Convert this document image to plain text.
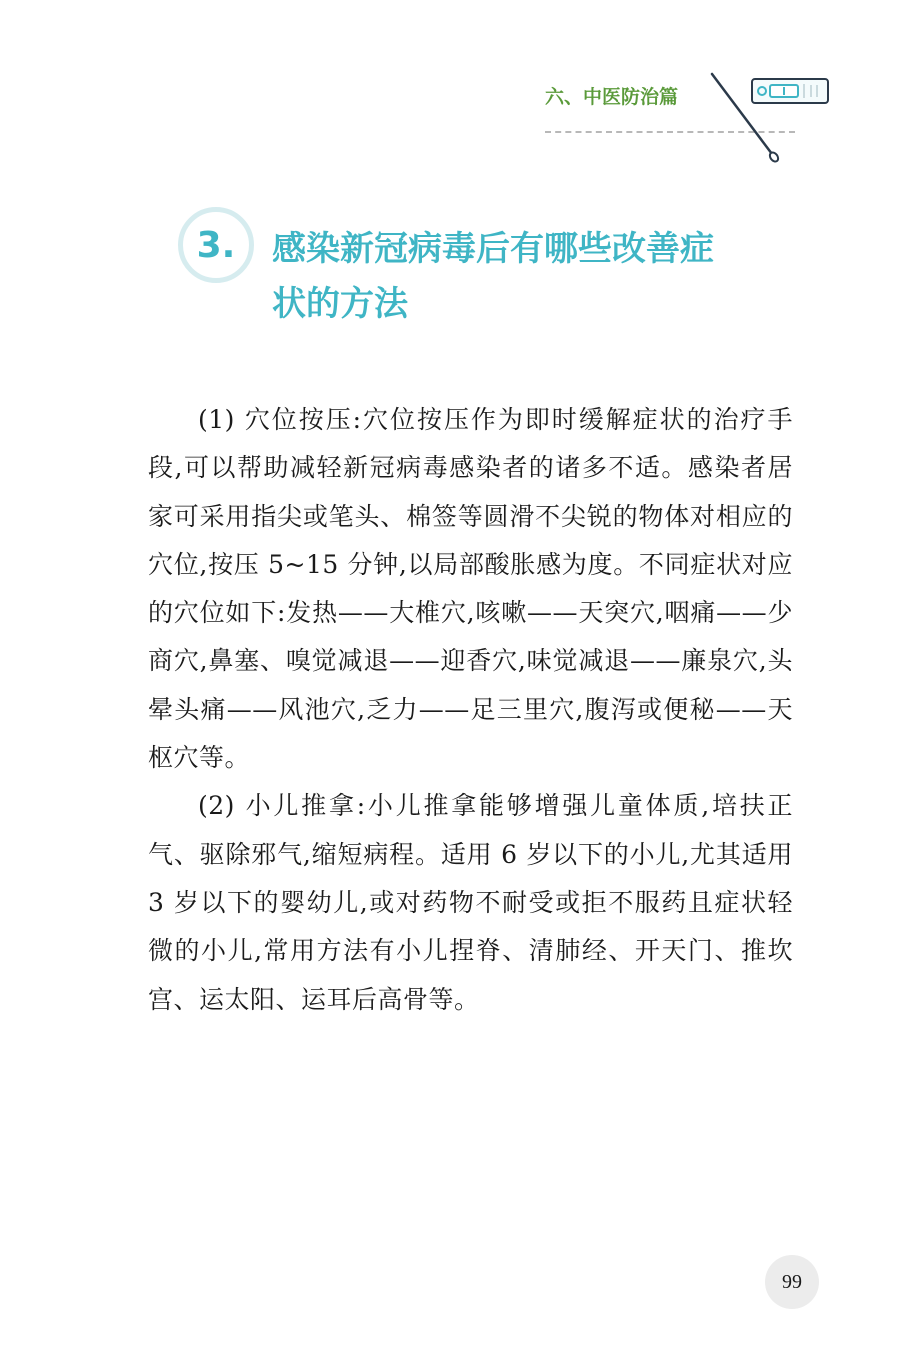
六、中医防治篇
3.	感染新冠病毒后有哪些改善症状的方法

(1) 穴位按压:穴位按压作为即时缓解症状的治疗手段,可以帮助减轻新冠病毒感染者的诸多不适。感染者居家可采用指尖或笔头、棉签等圆滑不尖锐的物体对相应的穴位,按压 5~15 分钟,以局部酸胀感为度。不同症状对应的穴位如下:发热——大椎穴,咳嗽——天突穴,咽痛——少商穴,鼻塞、嗅觉减退——迎香穴,味觉减退——廉泉穴,头晕头痛——风池穴,乏力——足三里穴,腹泻或便秘——天枢穴等。

(2) 小儿推拿:小儿推拿能够增强儿童体质,培扶正气、驱除邪气,缩短病程。适用 6 岁以下的小儿,尤其适用 3 岁以下的婴幼儿,或对药物不耐受或拒不服药且症状轻微的小儿,常用方法有小儿捏脊、清肺经、开天门、推坎宫、运太阳、运耳后高骨等。

99
